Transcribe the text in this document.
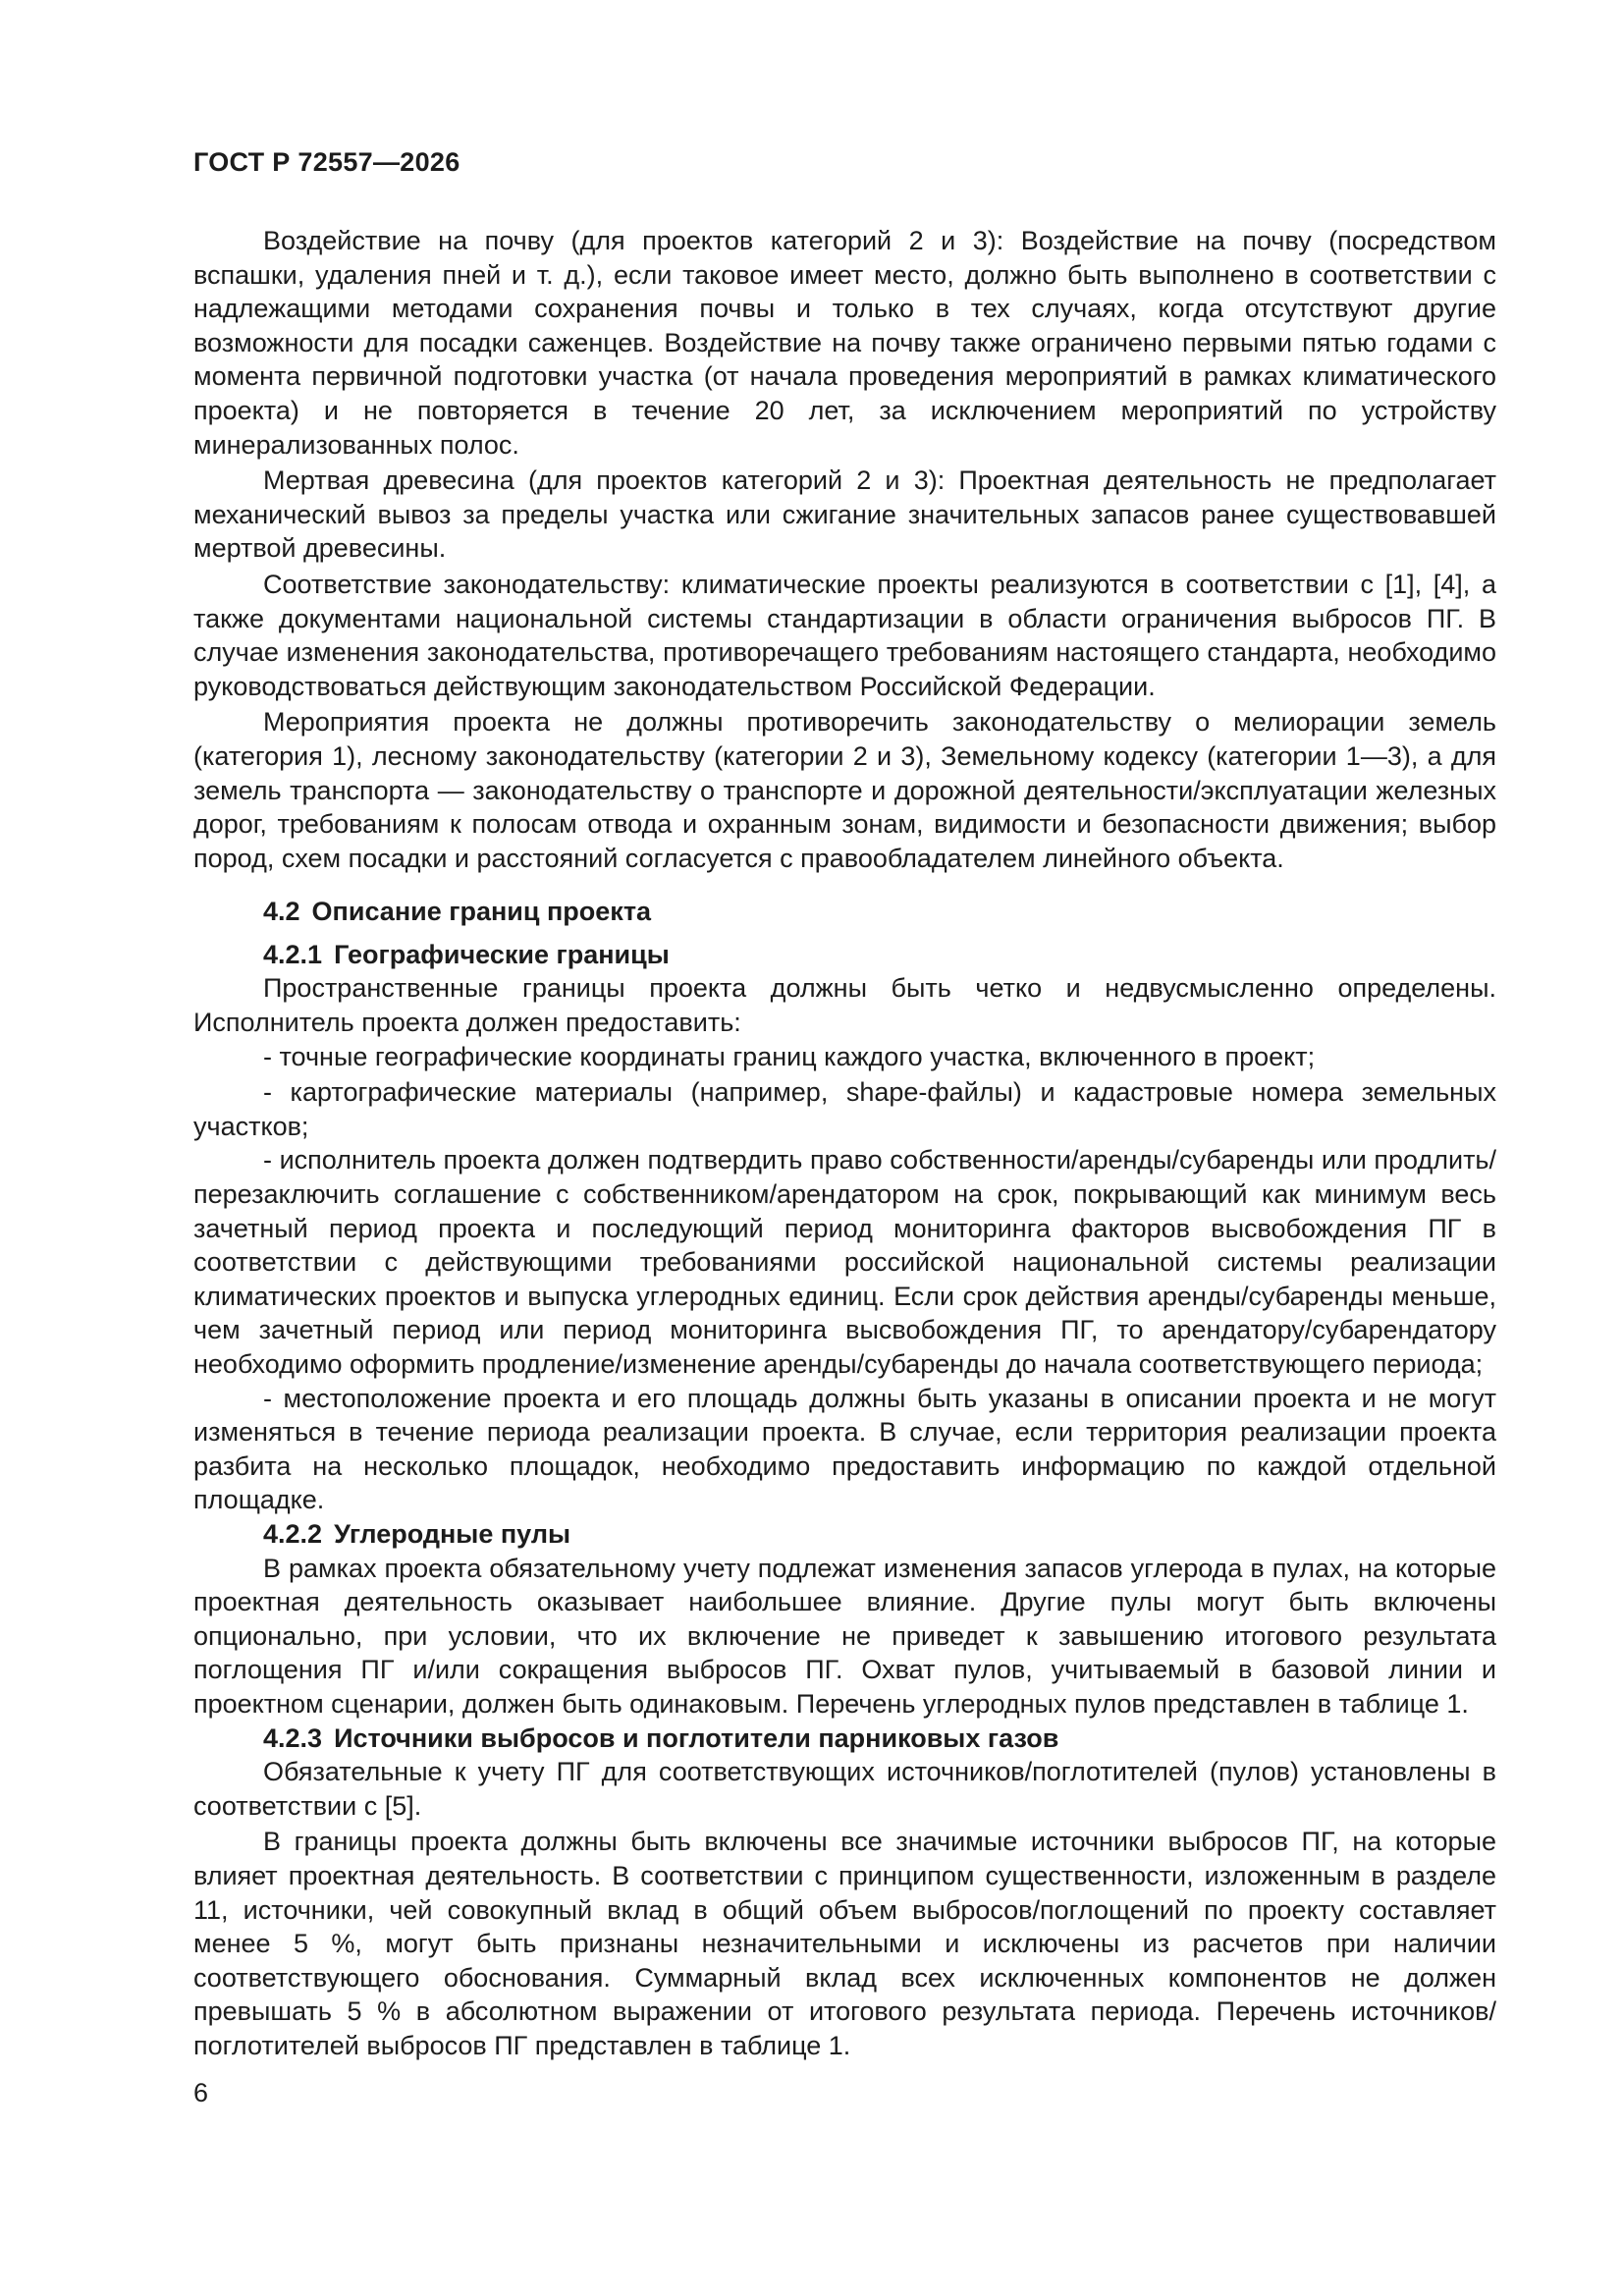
ГОСТ Р 72557—2026

Воздействие на почву (для проектов категорий 2 и 3): Воздействие на почву (посредством вспашки, удаления пней и т. д.), если таковое имеет место, должно быть выполнено в соответствии с надлежащими методами сохранения почвы и только в тех случаях, когда отсутствуют другие возможности для посадки саженцев. Воздействие на почву также ограничено первыми пятью годами с момента первичной подготовки участка (от начала проведения мероприятий в рамках климатического проекта) и не повторяется в течение 20 лет, за исключением мероприятий по устройству минерализованных полос.

Мертвая древесина (для проектов категорий 2 и 3): Проектная деятельность не предполагает механический вывоз за пределы участка или сжигание значительных запасов ранее существовавшей мертвой древесины.

Соответствие законодательству: климатические проекты реализуются в соответствии с [1], [4], а также документами национальной системы стандартизации в области ограничения выбросов ПГ. В случае изменения законодательства, противоречащего требованиям настоящего стандарта, необходимо руководствоваться действующим законодательством Российской Федерации.

Мероприятия проекта не должны противоречить законодательству о мелиорации земель (категория 1), лесному законодательству (категории 2 и 3), Земельному кодексу (категории 1—3), а для земель транспорта — законодательству о транспорте и дорожной деятельности/эксплуатации железных дорог, требованиям к полосам отвода и охранным зонам, видимости и безопасности движения; выбор пород, схем посадки и расстояний согласуется с правообладателем линейного объекта.

4.2 Описание границ проекта
4.2.1 Географические границы

Пространственные границы проекта должны быть четко и недвусмысленно определены. Исполнитель проекта должен предоставить:

- точные географические координаты границ каждого участка, включенного в проект;

- картографические материалы (например, shape-файлы) и кадастровые номера земельных участков;

- исполнитель проекта должен подтвердить право собственности/аренды/субаренды или продлить/перезаключить соглашение с собственником/арендатором на срок, покрывающий как минимум весь зачетный период проекта и последующий период мониторинга факторов высвобождения ПГ в соответствии с действующими требованиями российской национальной системы реализации климатических проектов и выпуска углеродных единиц. Если срок действия аренды/субаренды меньше, чем зачетный период или период мониторинга высвобождения ПГ, то арендатору/субарендатору необходимо оформить продление/изменение аренды/субаренды до начала соответствующего периода;

- местоположение проекта и его площадь должны быть указаны в описании проекта и не могут изменяться в течение периода реализации проекта. В случае, если территория реализации проекта разбита на несколько площадок, необходимо предоставить информацию по каждой отдельной площадке.

4.2.2 Углеродные пулы

В рамках проекта обязательному учету подлежат изменения запасов углерода в пулах, на которые проектная деятельность оказывает наибольшее влияние. Другие пулы могут быть включены опционально, при условии, что их включение не приведет к завышению итогового результата поглощения ПГ и/или сокращения выбросов ПГ. Охват пулов, учитываемый в базовой линии и проектном сценарии, должен быть одинаковым. Перечень углеродных пулов представлен в таблице 1.

4.2.3 Источники выбросов и поглотители парниковых газов

Обязательные к учету ПГ для соответствующих источников/поглотителей (пулов) установлены в соответствии с [5].

В границы проекта должны быть включены все значимые источники выбросов ПГ, на которые влияет проектная деятельность. В соответствии с принципом существенности, изложенным в разделе 11, источники, чей совокупный вклад в общий объем выбросов/поглощений по проекту составляет менее 5 %, могут быть признаны незначительными и исключены из расчетов при наличии соответствующего обоснования. Суммарный вклад всех исключенных компонентов не должен превышать 5 % в абсолютном выражении от итогового результата периода. Перечень источников/поглотителей выбросов ПГ представлен в таблице 1.

6
